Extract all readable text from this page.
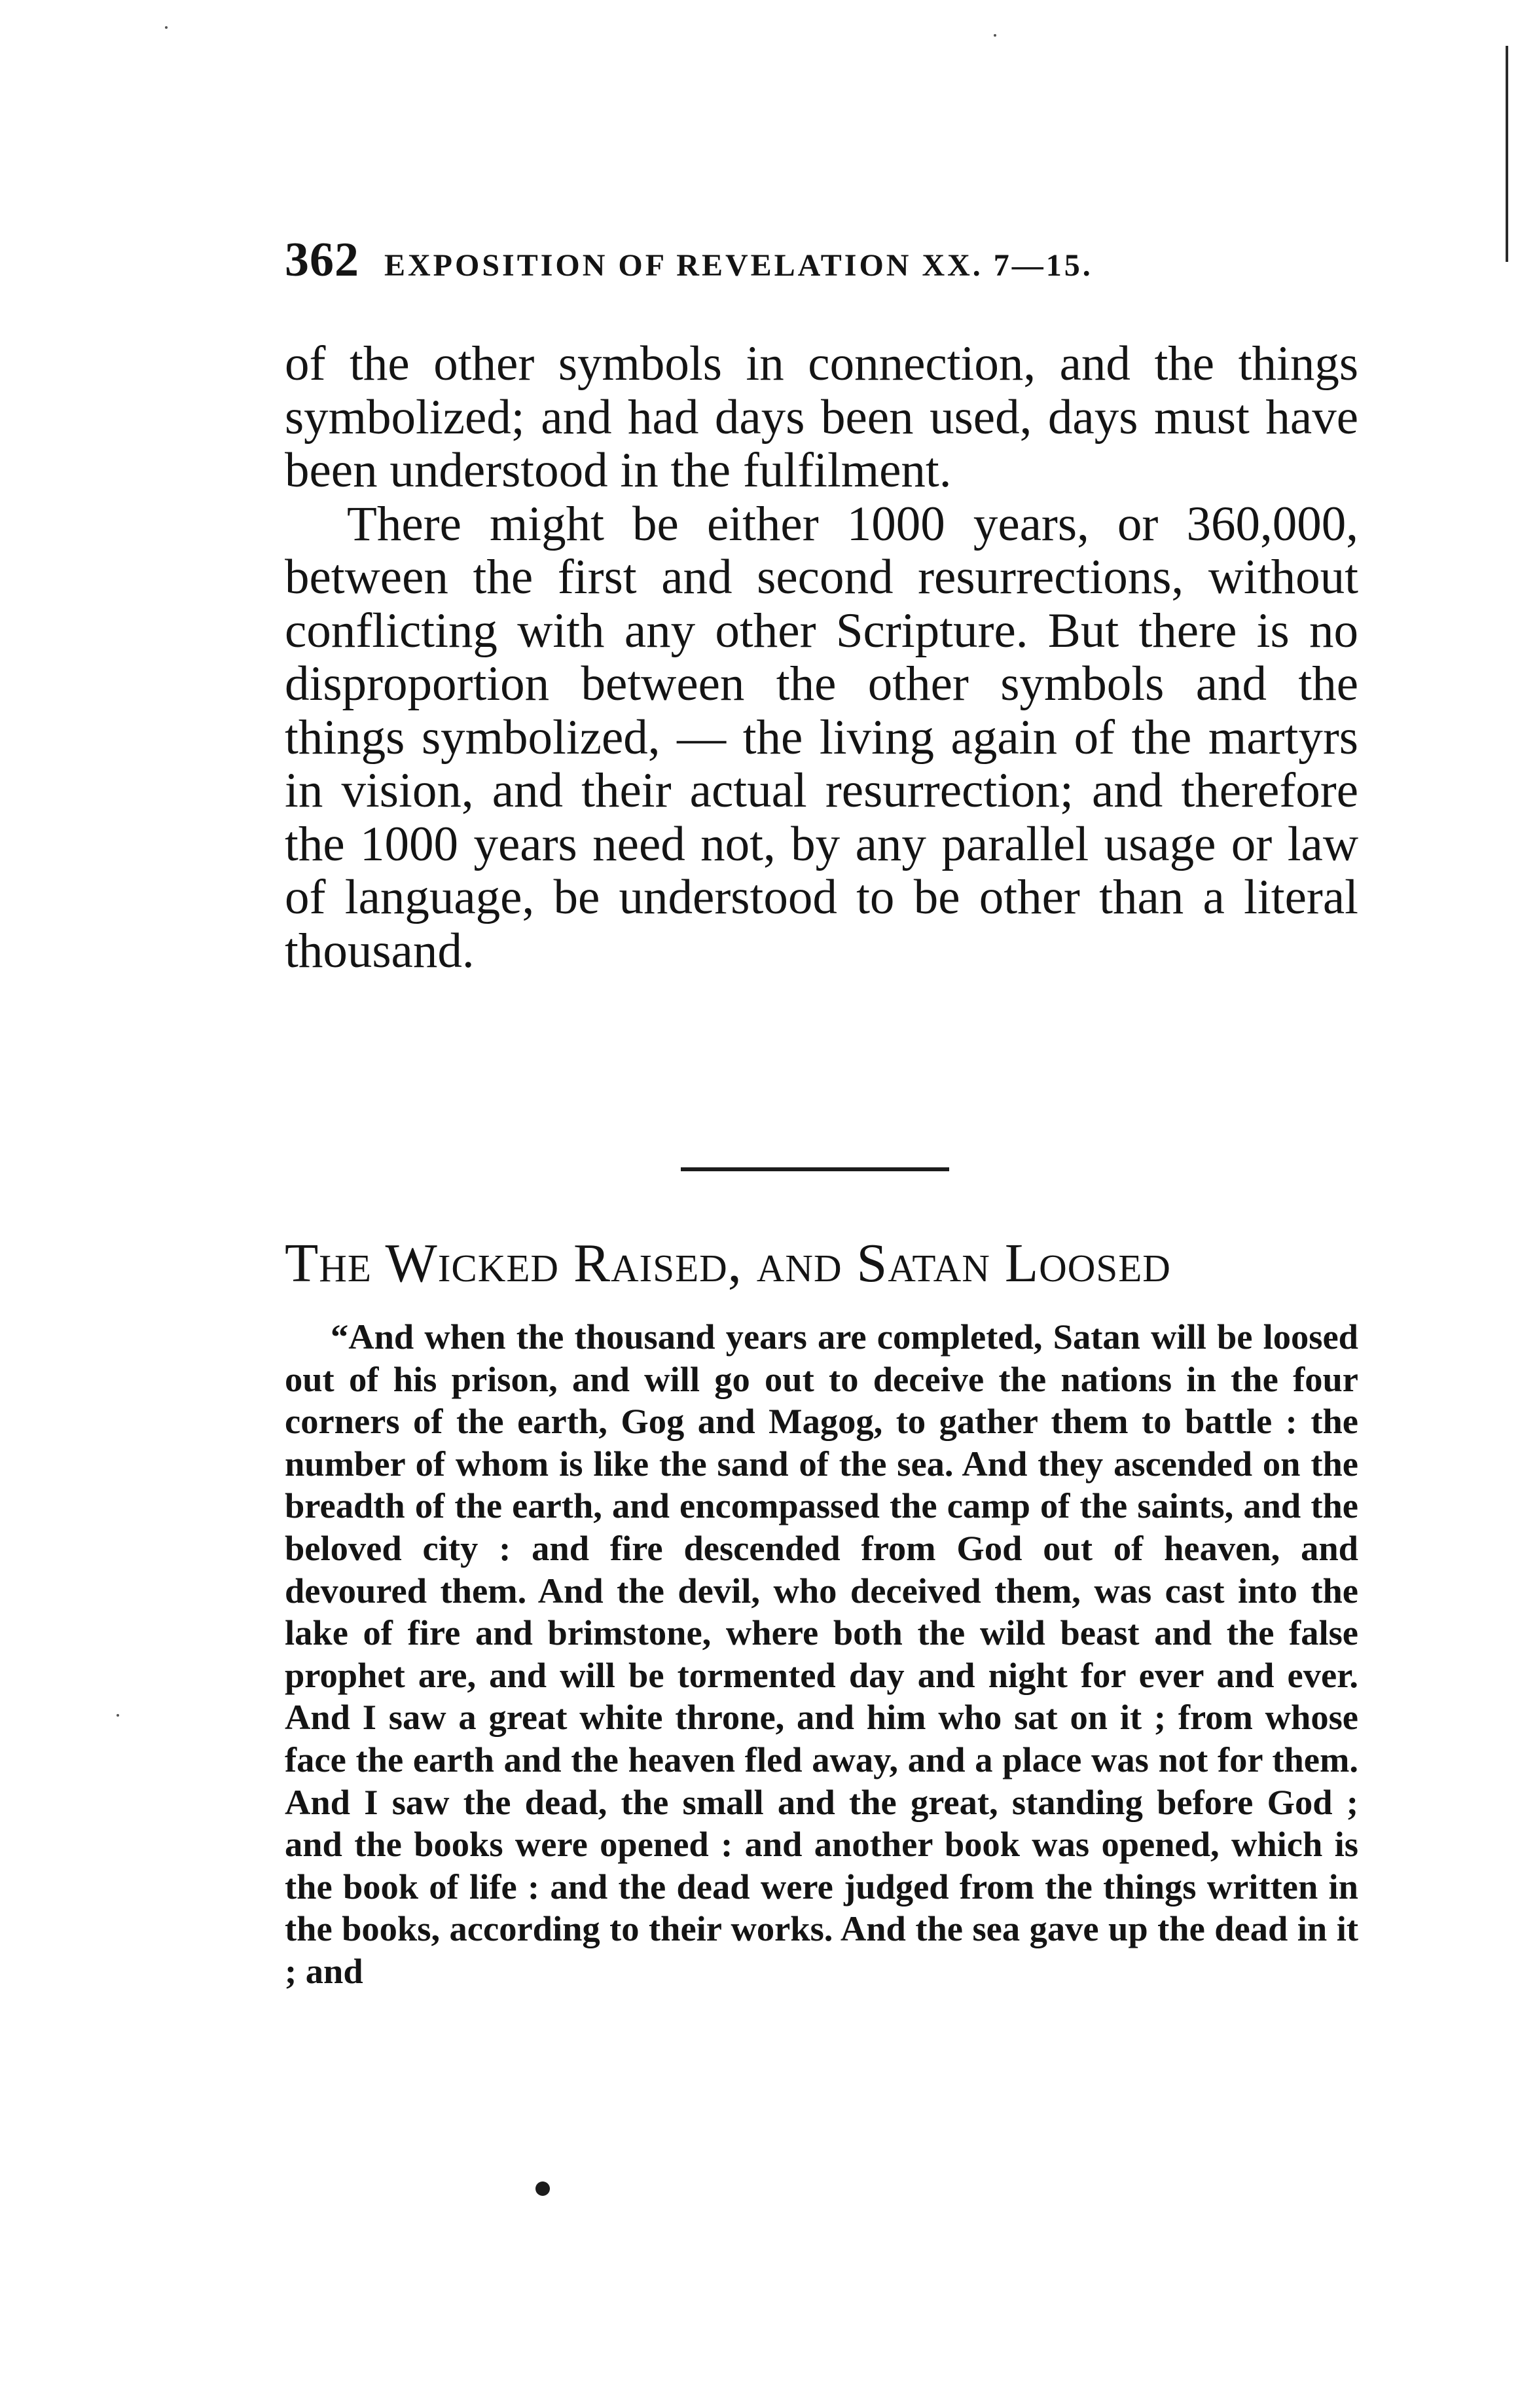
362 EXPOSITION OF REVELATION XX. 7—15.

of the other symbols in connection, and the things symbolized; and had days been used, days must have been understood in the fulfilment.

There might be either 1000 years, or 360,000, between the first and second resurrections, without conflicting with any other Scripture. But there is no disproportion between the other symbols and the things symbolized, — the living again of the martyrs in vision, and their actual resurrection; and therefore the 1000 years need not, by any parallel usage or law of language, be understood to be other than a literal thousand.

The Wicked Raised, and Satan Loosed

“And when the thousand years are completed, Satan will be loosed out of his prison, and will go out to deceive the nations in the four corners of the earth, Gog and Magog, to gather them to battle : the number of whom is like the sand of the sea. And they ascended on the breadth of the earth, and encompassed the camp of the saints, and the beloved city : and fire descended from God out of heaven, and devoured them. And the devil, who deceived them, was cast into the lake of fire and brimstone, where both the wild beast and the false prophet are, and will be tormented day and night for ever and ever. And I saw a great white throne, and him who sat on it ; from whose face the earth and the heaven fled away, and a place was not for them. And I saw the dead, the small and the great, standing before God ; and the books were opened : and another book was opened, which is the book of life : and the dead were judged from the things written in the books, according to their works. And the sea gave up the dead in it ; and
